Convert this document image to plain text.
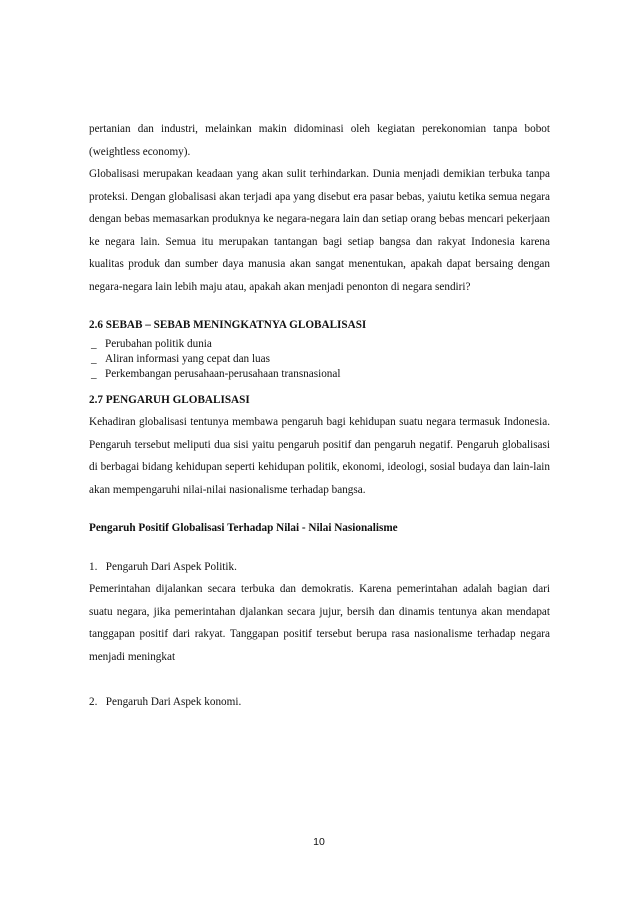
pertanian dan industri, melainkan makin didominasi oleh kegiatan perekonomian tanpa bobot (weightless economy).

Globalisasi merupakan keadaan yang akan sulit terhindarkan. Dunia menjadi demikian terbuka tanpa proteksi. Dengan globalisasi akan terjadi apa yang disebut era pasar bebas, yaiutu ketika semua negara dengan bebas memasarkan produknya ke negara-negara lain dan setiap orang bebas mencari pekerjaan ke negara lain. Semua itu merupakan tantangan bagi setiap bangsa dan rakyat Indonesia karena kualitas produk dan sumber daya manusia akan sangat menentukan, apakah dapat bersaing dengan negara-negara lain lebih maju atau, apakah akan menjadi penonton di negara sendiri?

2.6 SEBAB – SEBAB MENINGKATNYA GLOBALISASI

_ Perubahan politik dunia
_ Aliran informasi yang cepat dan luas
_ Perkembangan perusahaan-perusahaan transnasional

2.7 PENGARUH GLOBALISASI

Kehadiran globalisasi tentunya membawa pengaruh bagi kehidupan suatu negara termasuk Indonesia. Pengaruh tersebut meliputi dua sisi yaitu pengaruh positif dan pengaruh negatif. Pengaruh globalisasi di berbagai bidang kehidupan seperti kehidupan politik, ekonomi, ideologi, sosial budaya dan lain-lain akan mempengaruhi nilai-nilai nasionalisme terhadap bangsa.

Pengaruh Positif Globalisasi Terhadap Nilai - Nilai Nasionalisme

1.   Pengaruh Dari Aspek Politik.

Pemerintahan dijalankan secara terbuka dan demokratis. Karena pemerintahan adalah bagian dari suatu negara, jika pemerintahan djalankan secara jujur, bersih dan dinamis tentunya akan mendapat tanggapan positif dari rakyat. Tanggapan positif tersebut berupa rasa nasionalisme terhadap negara menjadi meningkat

2.   Pengaruh Dari Aspek konomi.

10
